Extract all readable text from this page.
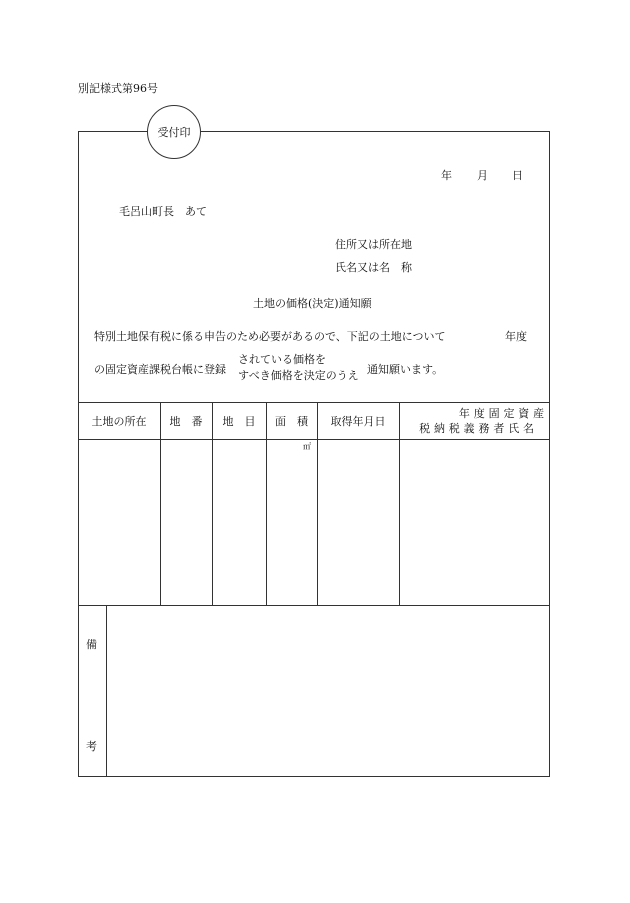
別記様式第96号
受付印
年 月 日
毛呂山町長　あて
住所又は所在地
氏名又は名　称
土地の価格(決定)通知願
特別土地保有税に係る申告のため必要があるので、下記の土地について	年度
の固定資産課税台帳に登録
されている価格を
すべき価格を決定のうえ 通知願います。
土地の所在 地　番 地　目 面　積 取得年月日
年度固定資産
税納税義務者氏名
㎡
備
考
